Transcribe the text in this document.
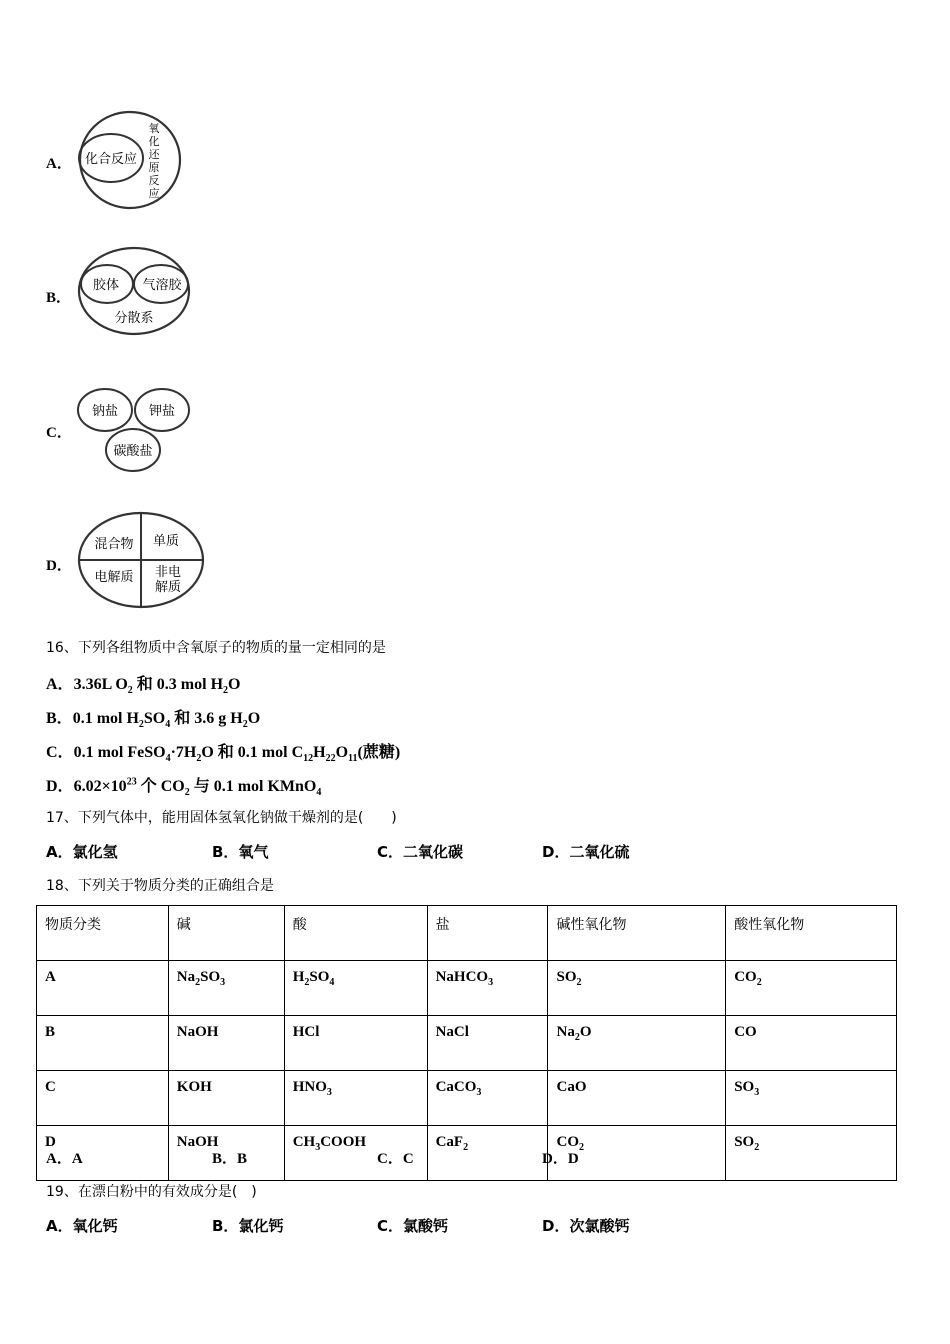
A． 化合反应
氧
化
还
原
反
应
B．
胶体 气溶胶
分散系
C．
钠盐 钾盐
碳酸盐
D．
混合物 单质
电解质 非电
解质
16、下列各组物质中含氧原子的物质的量一定相同的是
A．3.36L $O_2$ 和 0.3 mol $H_2O$
B．0.1 mol $H_2SO_4$ 和 3.6 g $H_2O$
C．0.1 mol $FeSO_4\cdot 7H_2O$ 和 0.1 mol $C_{12}H_{22}O_{11}$(蔗糖)
D．$6.02\times 10^{23}$ 个 $CO_2$ 与 0.1 mol KMnO$_4$
17、下列气体中，能用固体氢氧化钠做干燥剂的是(　　)
A．氯化氢	B．氧气	C．二氧化碳	D．二氧化硫
18、下列关于物质分类的正确组合是
物质分类	碱	酸	盐	碱性氧化物	酸性氧化物
A	$Na_2SO_3$	$H_2SO_4$	NaHCO$_3$	$SO_2$	$CO_2$
B	NaOH	HCl	NaCl	$Na_2O$	CO
C	KOH	$HNO_3$	CaCO$_3$	CaO	$SO_3$
D	NaOH	$CH_3COOH$	CaF$_2$	$CO_2$	$SO_2$
A．A	B．B	C．C	D．D
19、在漂白粉中的有效成分是(　)
A．氧化钙	B．氯化钙	C．氯酸钙	D．次氯酸钙
